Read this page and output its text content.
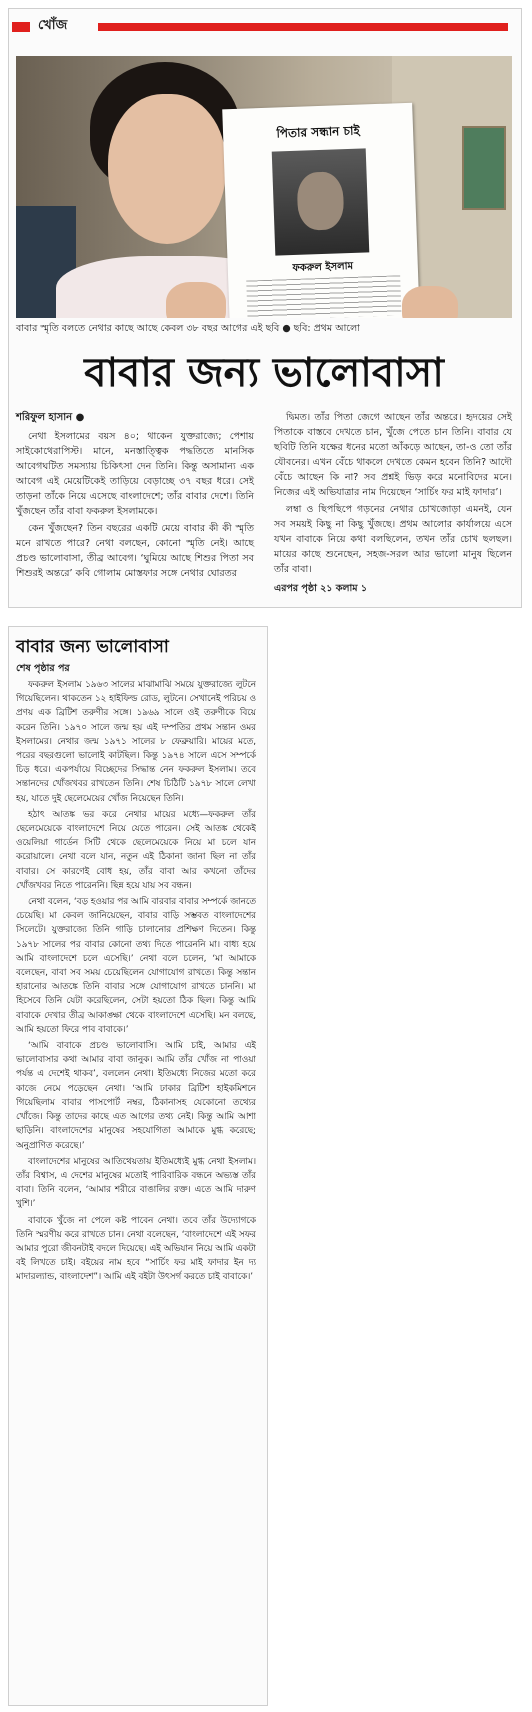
খোঁজ
পিতার সন্ধান চাই
ফকরুল ইসলাম
বাবার স্মৃতি বলতে নেথার কাছে আছে কেবল ৩৮ বছর আগের এই ছবি ● ছবি: প্রথম আলো
বাবার জন্য ভালোবাসা
শরিফুল হাসান ●

নেথা ইসলামের বয়স ৪০; থাকেন যুক্তরাজ্যে; পেশায় সাইকোথেরাপিস্ট। মানে, মনস্তাত্ত্বিক পদ্ধতিতে মানসিক আবেগঘটিত সমস্যায় চিকিৎসা দেন তিনি। কিন্তু অসামান্য এক আবেগ এই মেয়েটিকেই তাড়িয়ে বেড়াচ্ছে ৩৭ বছর ধরে। সেই তাড়না তাঁকে নিয়ে এসেছে বাংলাদেশে; তাঁর বাবার দেশে। তিনি খুঁজছেন তাঁর বাবা ফকরুল ইসলামকে।

কেন খুঁজছেন? তিন বছরের একটি মেয়ে বাবার কী কী স্মৃতি মনে রাখতে পারে? নেথা বলছেন, কোনো স্মৃতি নেই। আছে প্রচণ্ড ভালোবাসা, তীব্র আবেগ। ‘ঘুমিয়ে আছে শিশুর পিতা সব শিশুরই অন্তরে’ কবি গোলাম মোস্তফার সঙ্গে নেথার ঘোরতর

দ্বিমত। তাঁর পিতা জেগে আছেন তাঁর অন্তরে। হৃদয়ের সেই পিতাকে বাস্তবে দেখতে চান, খুঁজে পেতে চান তিনি। বাবার যে ছবিটি তিনি যক্ষের ধনের মতো আঁকড়ে আছেন, তা-ও তো তাঁর যৌবনের। এখন বেঁচে থাকলে দেখতে কেমন হবেন তিনি? আদৌ বেঁচে আছেন কি না? সব প্রশ্নই ভিড় করে মনোবিদের মনে। নিজের এই অভিযাত্রার নাম দিয়েছেন ‘সার্চিং ফর মাই ফাদার’।

লম্বা ও ছিপছিপে গড়নের নেথার চোখজোড়া এমনই, যেন সব সময়ই কিছু না কিছু খুঁজছে। প্রথম আলোর কার্যালয়ে এসে যখন বাবাকে নিয়ে কথা বলছিলেন, তখন তাঁর চোখ ছলছল। মায়ের কাছে শুনেছেন, সহজ-সরল আর ভালো মানুষ ছিলেন তাঁর বাবা।

এরপর পৃষ্ঠা ২১ কলাম ১
বাবার জন্য ভালোবাসা
শেষ পৃষ্ঠার পর

ফকরুল ইসলাম ১৯৬৩ সালের মাঝামাঝি সময়ে যুক্তরাজ্যে লুটনে গিয়েছিলেন। থাকতেন ১২ হাইফিল্ড রোড, লুটনে। সেখানেই পরিচয় ও প্রণয় এক ব্রিটিশ তরুণীর সঙ্গে। ১৯৬৯ সালে ওই তরুণীকে বিয়ে করেন তিনি। ১৯৭০ সালে জন্ম হয় এই দম্পতির প্রথম সন্তান ওমর ইসলামের। নেথার জন্ম ১৯৭১ সালের ৮ ফেব্রুয়ারি। মায়ের মতে, পরের বছরগুলো ভালোই কাটছিল। কিন্তু ১৯৭৪ সালে এসে সম্পর্কে চিড় ধরে। একপর্যায়ে বিচ্ছেদের সিদ্ধান্ত নেন ফকরুল ইসলাম। তবে সন্তানদের খোঁজখবর রাখতেন তিনি। শেষ চিঠিটি ১৯৭৮ সালে লেখা হয়, যাতে দুই ছেলেমেয়ের খোঁজ নিয়েছেন তিনি।

হঠাৎ আতঙ্ক ভর করে নেথার মায়ের মধ্যে—ফকরুল তাঁর ছেলেমেয়েকে বাংলাদেশে নিয়ে যেতে পারেন। সেই আতঙ্ক থেকেই ওয়েলিয়া গার্ডেন সিটি থেকে ছেলেমেয়েকে নিয়ে মা চলে যান করোয়ালে। নেথা বলে যান, নতুন এই ঠিকানা জানা ছিল না তাঁর বাবার। সে কারণেই বোধ হয়, তাঁর বাবা আর কখনো তাঁদের খোঁজখবর নিতে পারেননি। ছিন্ন হয়ে যায় সব বন্ধন।

নেথা বলেন, ‘বড় হওয়ার পর আমি বারবার বাবার সম্পর্কে জানতে চেয়েছি। মা কেবল জানিয়েছেন, বাবার বাড়ি সম্ভবত বাংলাদেশের সিলেটে। যুক্তরাজ্যে তিনি গাড়ি চালানোর প্রশিক্ষণ দিতেন। কিন্তু ১৯৭৮ সালের পর বাবার কোনো তথ্য দিতে পারেননি মা। বাধ্য হয়ে আমি বাংলাদেশে চলে এসেছি।’ নেথা বলে চলেন, ‘মা আমাকে বলেছেন, বাবা সব সময় চেয়েছিলেন যোগাযোগ রাখতে। কিন্তু সন্তান হারানোর আতঙ্কে তিনি বাবার সঙ্গে যোগাযোগ রাখতে চাননি। মা হিসেবে তিনি যেটা করেছিলেন, সেটা হয়তো ঠিক ছিল। কিন্তু আমি বাবাকে দেখার তীব্র আকাঙ্ক্ষা থেকে বাংলাদেশে এসেছি। মন বলছে, আমি হয়তো ফিরে পাব বাবাকে।’

‘আমি বাবাকে প্রচণ্ড ভালোবাসি। আমি চাই, আমার এই ভালোবাসার কথা আমার বাবা জানুক। আমি তাঁর খোঁজ না পাওয়া পর্যন্ত এ দেশেই থাকব’, বললেন নেথা। ইতিমধ্যে নিজের মতো করে কাজে নেমে পড়েছেন নেথা। ‘আমি ঢাকার ব্রিটিশ হাইকমিশনে গিয়েছিলাম বাবার পাসপোর্ট নম্বর, ঠিকানাসহ যেকোনো তথ্যের খোঁজে। কিন্তু তাদের কাছে এত আগের তথ্য নেই। কিন্তু আমি আশা ছাড়িনি। বাংলাদেশের মানুষের সহযোগিতা আমাকে মুগ্ধ করেছে; অনুপ্রাণিত করেছে।’

বাংলাদেশের মানুষের আতিথেয়তায় ইতিমধ্যেই মুগ্ধ নেথা ইসলাম। তাঁর বিশ্বাস, এ দেশের মানুষের মতোই পারিবারিক বন্ধনে অভ্যস্ত তাঁর বাবা। তিনি বলেন, ‘আমার শরীরে বাঙালির রক্ত। এতে আমি দারুণ খুশি।’

বাবাকে খুঁজে না পেলে কষ্ট পাবেন নেথা। তবে তাঁর উদ্যোগকে তিনি স্মরণীয় করে রাখতে চান। নেথা বলেছেন, ‘বাংলাদেশে এই সফর আমার পুরো জীবনটাই বদলে দিয়েছে। এই অভিযান নিয়ে আমি একটা বই লিখতে চাই। বইয়ের নাম হবে “সার্চিং ফর মাই ফাদার ইন দ্য মাদারল্যান্ড, বাংলাদেশ”। আমি এই বইটা উৎসর্গ করতে চাই বাবাকে।’
